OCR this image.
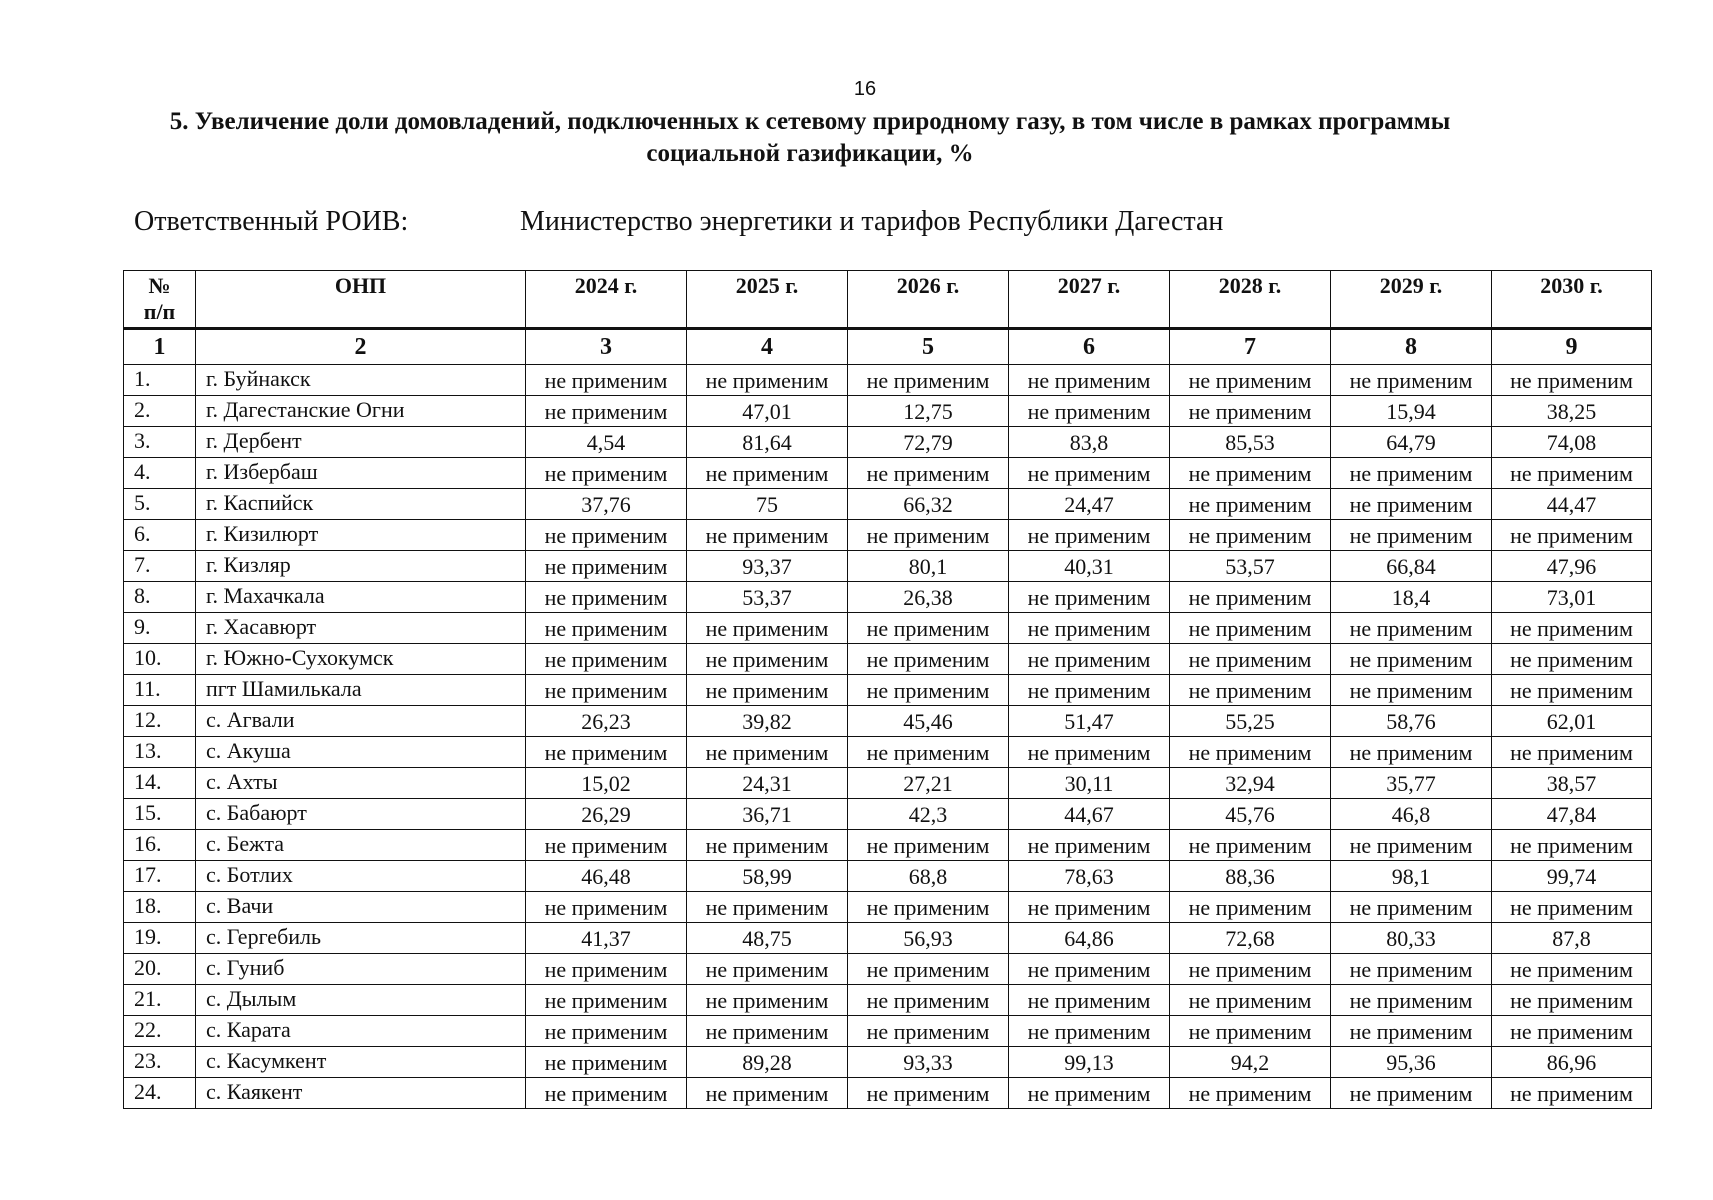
16
5. Увеличение доли домовладений, подключенных к сетевому природному газу, в том числе в рамках программы
социальной газификации, %
Ответственный РОИВ:	Министерство энергетики и тарифов Республики Дагестан
№
п/п	ОНП	2024 г.	2025 г.	2026 г.	2027 г.	2028 г.	2029 г.	2030 г.
1	2	3	4	5	6	7	8	9
1.	г. Буйнакск	не применим	не применим	не применим	не применим	не применим	не применим	не применим
2.	г. Дагестанские Огни	не применим	47,01	12,75	не применим	не применим	15,94	38,25
3.	г. Дербент	4,54	81,64	72,79	83,8	85,53	64,79	74,08
4.	г. Избербаш	не применим	не применим	не применим	не применим	не применим	не применим	не применим
5.	г. Каспийск	37,76	75	66,32	24,47	не применим	не применим	44,47
6.	г. Кизилюрт	не применим	не применим	не применим	не применим	не применим	не применим	не применим
7.	г. Кизляр	не применим	93,37	80,1	40,31	53,57	66,84	47,96
8.	г. Махачкала	не применим	53,37	26,38	не применим	не применим	18,4	73,01
9.	г. Хасавюрт	не применим	не применим	не применим	не применим	не применим	не применим	не применим
10.	г. Южно-Сухокумск	не применим	не применим	не применим	не применим	не применим	не применим	не применим
11.	пгт Шамилькала	не применим	не применим	не применим	не применим	не применим	не применим	не применим
12.	с. Агвали	26,23	39,82	45,46	51,47	55,25	58,76	62,01
13.	с. Акуша	не применим	не применим	не применим	не применим	не применим	не применим	не применим
14.	с. Ахты	15,02	24,31	27,21	30,11	32,94	35,77	38,57
15.	с. Бабаюрт	26,29	36,71	42,3	44,67	45,76	46,8	47,84
16.	с. Бежта	не применим	не применим	не применим	не применим	не применим	не применим	не применим
17.	с. Ботлих	46,48	58,99	68,8	78,63	88,36	98,1	99,74
18.	с. Вачи	не применим	не применим	не применим	не применим	не применим	не применим	не применим
19.	с. Гергебиль	41,37	48,75	56,93	64,86	72,68	80,33	87,8
20.	с. Гуниб	не применим	не применим	не применим	не применим	не применим	не применим	не применим
21.	с. Дылым	не применим	не применим	не применим	не применим	не применим	не применим	не применим
22.	с. Карата	не применим	не применим	не применим	не применим	не применим	не применим	не применим
23.	с. Касумкент	не применим	89,28	93,33	99,13	94,2	95,36	86,96
24.	с. Каякент	не применим	не применим	не применим	не применим	не применим	не применим	не применим
